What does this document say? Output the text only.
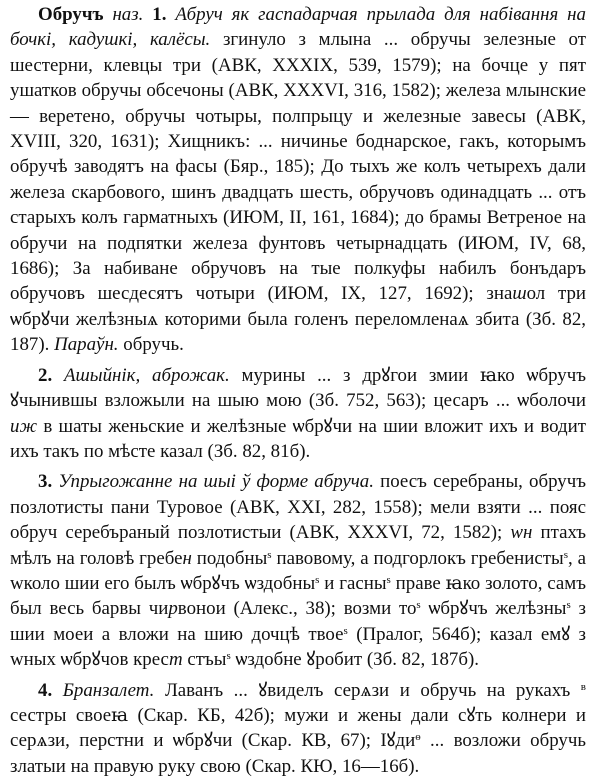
Обручъ наз. 1. Абруч як гаспадарчая прылада для набівання на бочкі, кадушкі, калёсы. згинуло з млына ... обручы зелезные от шестерни, клевцы три (АВК, XXXIX, 539, 1579); на бочце у пят ушатков обручы обсечоны (АВК, XXXVI, 316, 1582); железа млынские — веретено, обручы чотыры, полпрыцу и железные завесы (АВК, XVIII, 320, 1631); Хищникъ: ... ничинье боднарское, гакъ, которымъ обручѣ заводятъ на фасы (Бяр., 185); До тыхъ же колъ четырехъ дали железа скарбового, шинъ двадцать шесть, обручовъ одинадцать ... отъ старыхъ колъ гарматныхъ (ИЮМ, II, 161, 1684); до брамы Ветреное на обручи на подпятки железа фунтовъ четырнадцать (ИЮМ, IV, 68, 1686); За набиване обручовъ на тые полкуфы набилъ бонъдаръ обручовъ шесдесятъ чотыри (ИЮМ, IX, 127, 1692); знашол три ѡбрꙋчи желѣзныѧ которими была голенъ переломленаѧ збита (Зб. 82, 187). Параўн. обручь.

2. Ашыйнік, аброжак. мурины ... з дрꙋгои змии ꙗко ѡбручъ ꙋчынившы взложыли на шыю мою (Зб. 752, 563); цесаръ ... ѡболочи иж в шаты женьские и желѣзные ѡбрꙋчи на шии вложит ихъ и водит ихъ такъ по мѣсте казал (Зб. 82, 81б).

3. Упрыгожанне на шыі ў форме абруча. поесъ серебраны, обручъ позлотисты пани Туровое (АВК, XXI, 282, 1558); мели взяти ... пояс обруч серебъраный позлотистыи (АВК, XXXVI, 72, 1582); wн птахъ мѣлъ на головѣ гребен подобны$^s$ павовому, а подгорлокъ гребенисты$^s$, а wколо шии его былъ ѡбрꙋчъ ѡздобны$^s$ и гасны$^s$ праве ꙗко золото, самъ был весь барвы чирвонои (Алекс., 38); возми $то^s$ ѡбрꙋчъ желѣзны$^s$ з шии моеи а вложи на шию дочцѣ твое$^s$ (Пралог, 564б); казал емꙋ з wных ѡбрꙋчов крест стъы$^s$ ѡздобне ꙋробит (Зб. 82, 187б).

4. Бранзалет. Лаванъ ... ꙋвиделъ серѧзи и обручь на рукахъ $^в$ сестры своеꙗ (Скар. КБ, 42б); мужи и жены дали сꙋть колнери и серѧзи, перстни и ѡбрꙋчи (Скар. КВ, 67); Іꙋди$^ѳ$ ... возложи обручь златыи на правую руку свою (Скар. КЮ, 16—16б).
